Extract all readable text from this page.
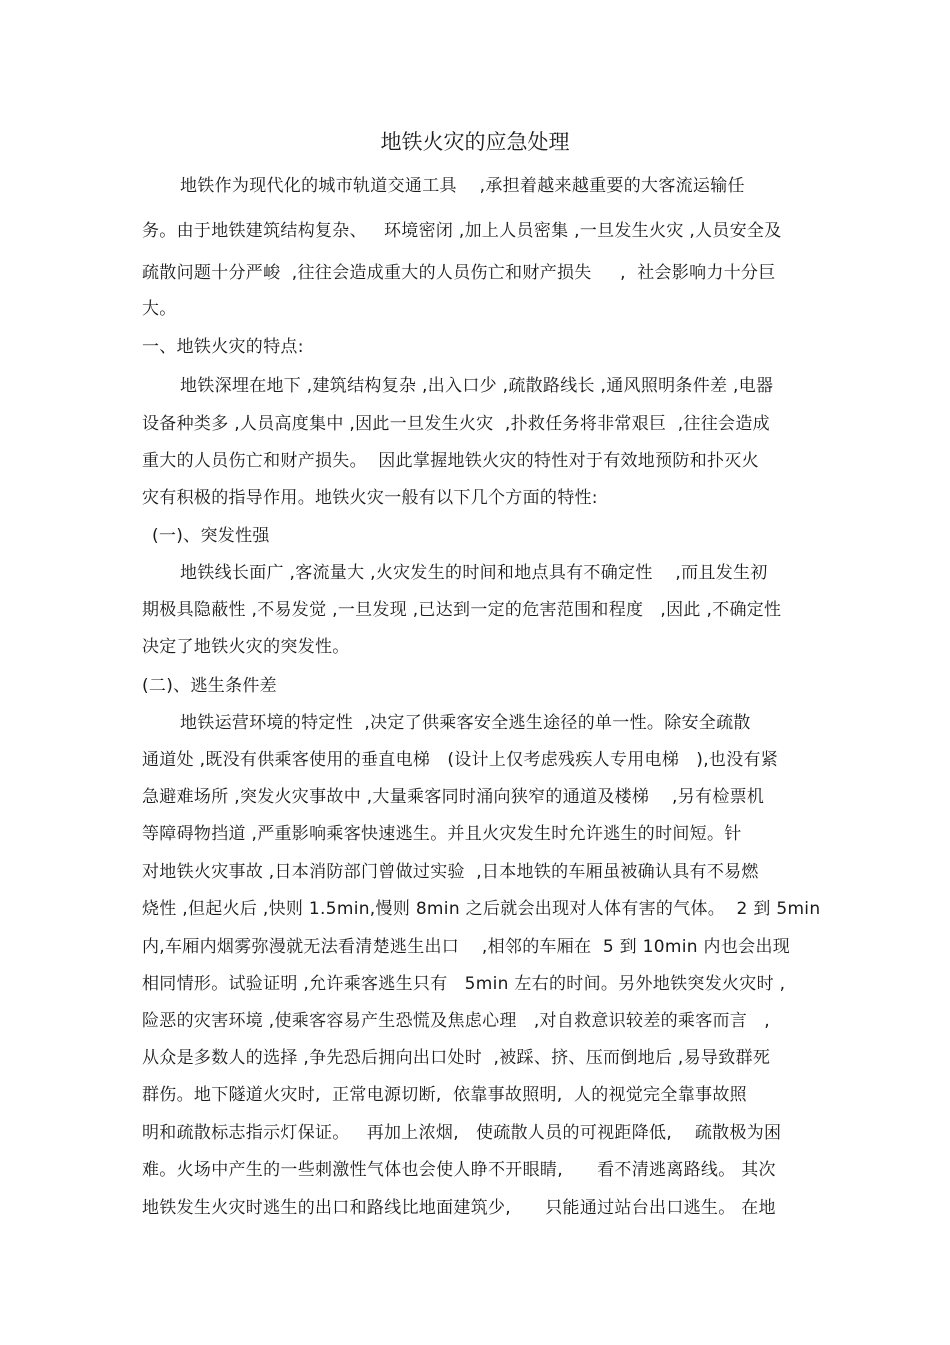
地铁火灾的应急处理
地铁作为现代化的城市轨道交通工具    ,承担着越来越重要的大客流运输任
务。由于地铁建筑结构复杂、   环境密闭 ,加上人员密集 ,一旦发生火灾 ,人员安全及
疏散问题十分严峻  ,往往会造成重大的人员伤亡和财产损失     ,  社会影响力十分巨
大。
一、地铁火灾的特点:
地铁深埋在地下 ,建筑结构复杂 ,出入口少 ,疏散路线长 ,通风照明条件差 ,电器
设备种类多 ,人员高度集中 ,因此一旦发生火灾  ,扑救任务将非常艰巨  ,往往会造成
重大的人员伤亡和财产损失。  因此掌握地铁火灾的特性对于有效地预防和扑灭火
灾有积极的指导作用。地铁火灾一般有以下几个方面的特性:
(一)、突发性强
地铁线长面广 ,客流量大 ,火灾发生的时间和地点具有不确定性    ,而且发生初
期极具隐蔽性 ,不易发觉 ,一旦发现 ,已达到一定的危害范围和程度   ,因此 ,不确定性
决定了地铁火灾的突发性。
(二)、逃生条件差
地铁运营环境的特定性  ,决定了供乘客安全逃生途径的单一性。除安全疏散
通道处 ,既没有供乘客使用的垂直电梯   (设计上仅考虑残疾人专用电梯   ),也没有紧
急避难场所 ,突发火灾事故中 ,大量乘客同时涌向狭窄的通道及楼梯    ,另有检票机
等障碍物挡道 ,严重影响乘客快速逃生。并且火灾发生时允许逃生的时间短。针
对地铁火灾事故 ,日本消防部门曾做过实验  ,日本地铁的车厢虽被确认具有不易燃
烧性 ,但起火后 ,快则 1.5min,慢则 8min 之后就会出现对人体有害的气体。  2 到 5min
内,车厢内烟雾弥漫就无法看清楚逃生出口    ,相邻的车厢在  5 到 10min 内也会出现
相同情形。试验证明 ,允许乘客逃生只有   5min 左右的时间。另外地铁突发火灾时 ,
险恶的灾害环境 ,使乘客容易产生恐慌及焦虑心理   ,对自救意识较差的乘客而言   ,
从众是多数人的选择 ,争先恐后拥向出口处时  ,被踩、挤、压而倒地后 ,易导致群死
群伤。地下隧道火灾时,  正常电源切断,  依靠事故照明,  人的视觉完全靠事故照
明和疏散标志指示灯保证。   再加上浓烟,   使疏散人员的可视距降低,    疏散极为困
难。火场中产生的一些刺激性气体也会使人睁不开眼睛,      看不清逃离路线。 其次
地铁发生火灾时逃生的出口和路线比地面建筑少,      只能通过站台出口逃生。 在地
